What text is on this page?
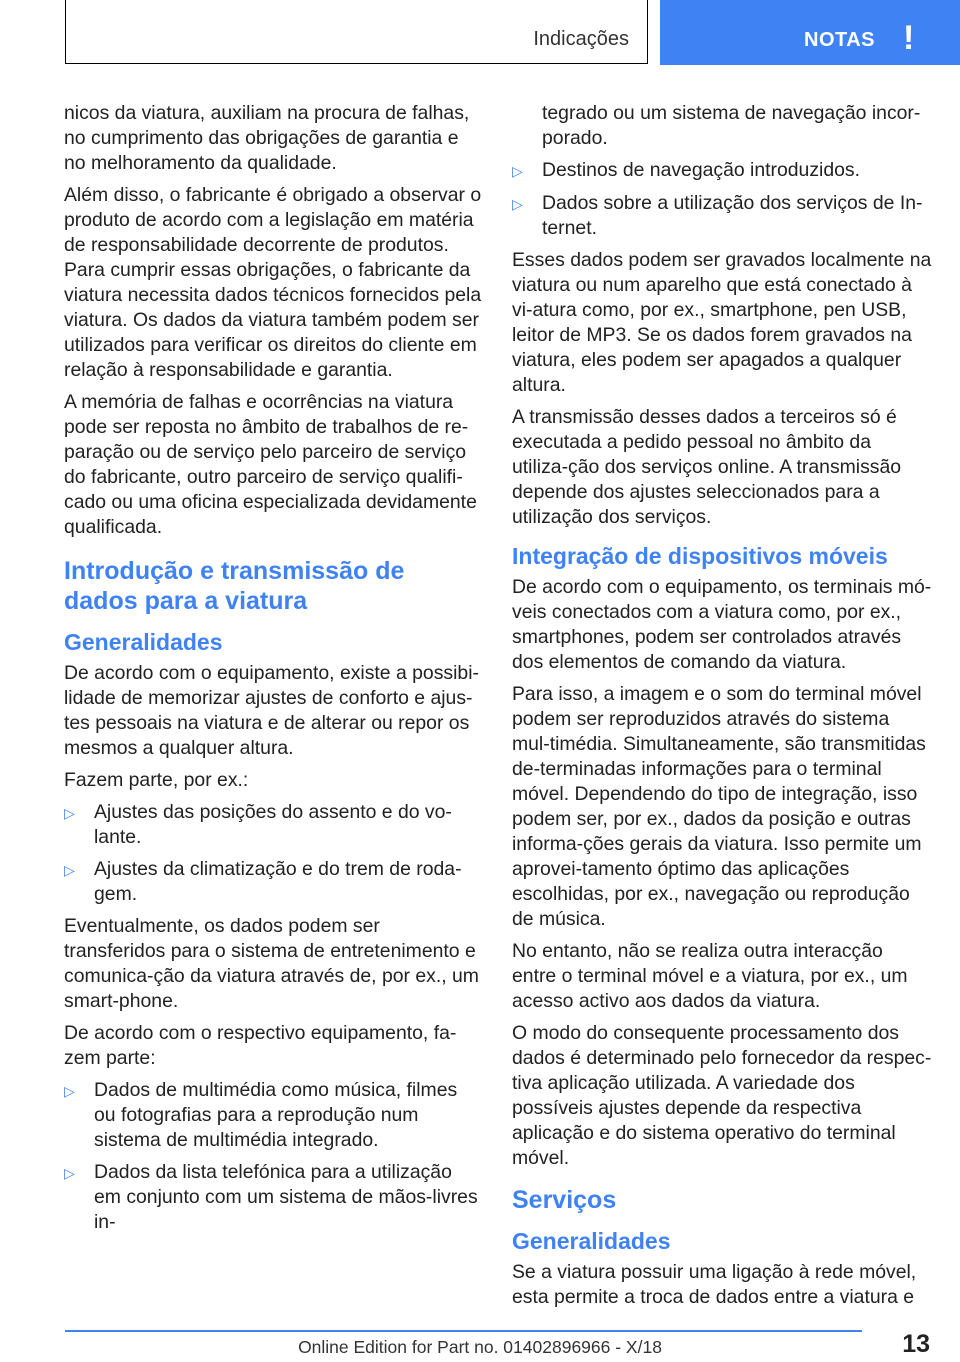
Indicações	NOTAS !

nicos da viatura, auxiliam na procura de falhas, no cumprimento das obrigações de garantia e no melhoramento da qualidade.

Além disso, o fabricante é obrigado a observar o produto de acordo com a legislação em matéria de responsabilidade decorrente de produtos. Para cumprir essas obrigações, o fabricante da viatura necessita dados técnicos fornecidos pela viatura. Os dados da viatura também podem ser utilizados para verificar os direitos do cliente em relação à responsabilidade e garantia.

A memória de falhas e ocorrências na viatura pode ser reposta no âmbito de trabalhos de re‐paração ou de serviço pelo parceiro de serviço do fabricante, outro parceiro de serviço qualifi‐cado ou uma oficina especializada devidamente qualificada.

Introdução e transmissão de dados para a viatura
Generalidades

De acordo com o equipamento, existe a possibi‐lidade de memorizar ajustes de conforto e ajus‐tes pessoais na viatura e de alterar ou repor os mesmos a qualquer altura.

Fazem parte, por ex.:

▷ Ajustes das posições do assento e do vo‐lante.
▷ Ajustes da climatização e do trem de roda‐gem.

Eventualmente, os dados podem ser transferidos para o sistema de entretenimento e comunica‐ção da viatura através de, por ex., um smart‐phone.

De acordo com o respectivo equipamento, fa‐zem parte:

▷ Dados de multimédia como música, filmes ou fotografias para a reprodução num sistema de multimédia integrado.
▷ Dados da lista telefónica para a utilização em conjunto com um sistema de mãos-livres in‐

tegrado ou um sistema de navegação incor‐porado.

▷ Destinos de navegação introduzidos.
▷ Dados sobre a utilização dos serviços de In‐ternet.

Esses dados podem ser gravados localmente na viatura ou num aparelho que está conectado à vi‐atura como, por ex., smartphone, pen USB, leitor de MP3. Se os dados forem gravados na viatura, eles podem ser apagados a qualquer altura.

A transmissão desses dados a terceiros só é executada a pedido pessoal no âmbito da utiliza‐ção dos serviços online. A transmissão depende dos ajustes seleccionados para a utilização dos serviços.

Integração de dispositivos móveis

De acordo com o equipamento, os terminais mó‐veis conectados com a viatura como, por ex., smartphones, podem ser controlados através dos elementos de comando da viatura.

Para isso, a imagem e o som do terminal móvel podem ser reproduzidos através do sistema mul‐timédia. Simultaneamente, são transmitidas de‐terminadas informações para o terminal móvel. Dependendo do tipo de integração, isso podem ser, por ex., dados da posição e outras informa‐ções gerais da viatura. Isso permite um aprovei‐tamento óptimo das aplicações escolhidas, por ex., navegação ou reprodução de música.

No entanto, não se realiza outra interacção entre o terminal móvel e a viatura, por ex., um acesso activo aos dados da viatura.

O modo do consequente processamento dos dados é determinado pelo fornecedor da respec‐tiva aplicação utilizada. A variedade dos possíveis ajustes depende da respectiva aplicação e do sistema operativo do terminal móvel.

Serviços
Generalidades

Se a viatura possuir uma ligação à rede móvel, esta permite a troca de dados entre a viatura e

13
Online Edition for Part no. 01402896966 - X/18
